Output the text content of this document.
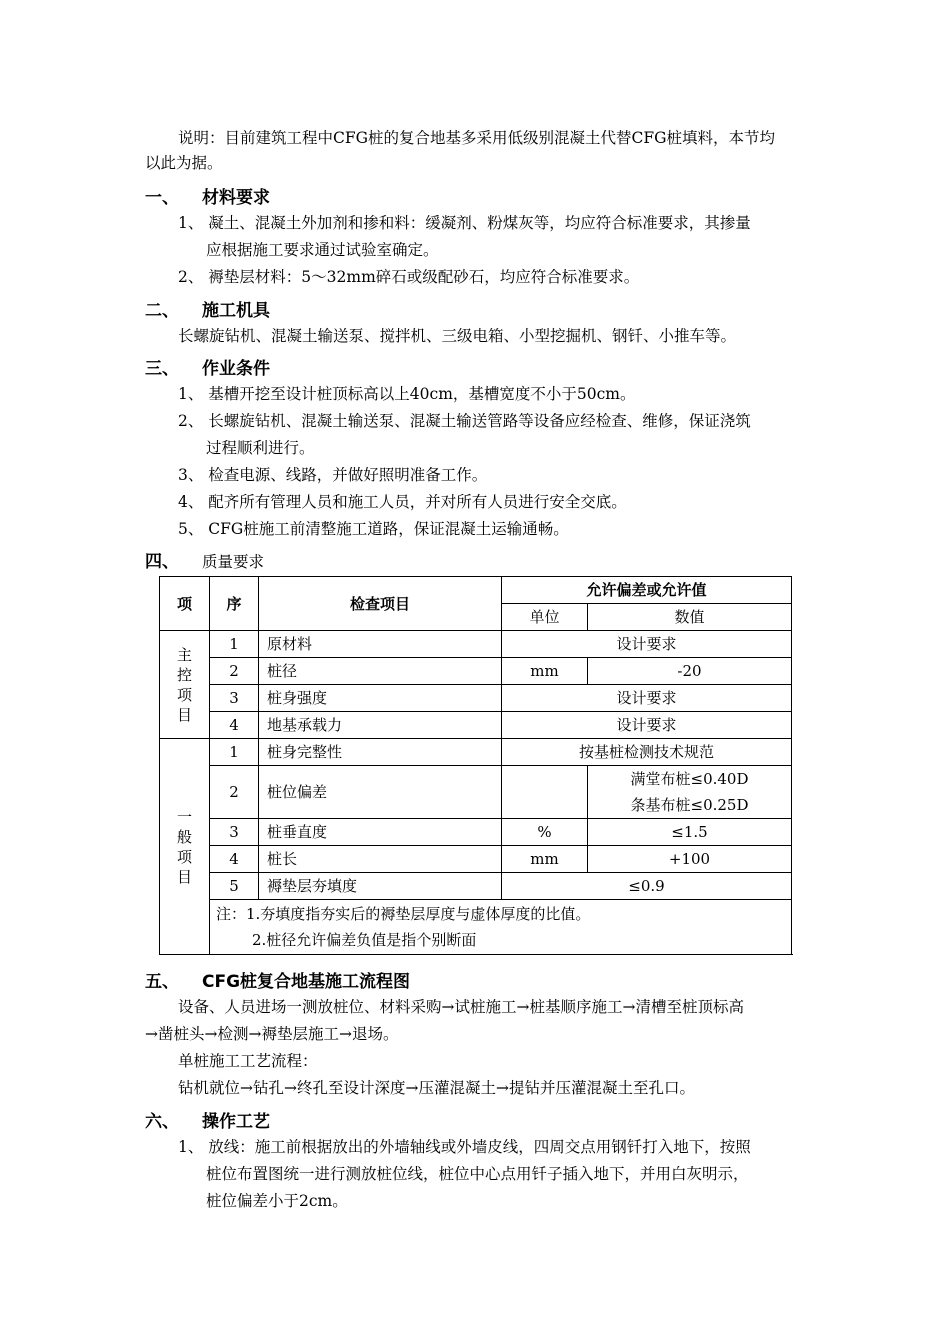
说明：目前建筑工程中CFG桩的复合地基多采用低级别混凝土代替CFG桩填料，本节均
以此为据。
一、 材料要求
1、 凝土、混凝土外加剂和掺和料：缓凝剂、粉煤灰等，均应符合标准要求，其掺量
应根据施工要求通过试验室确定。
2、 褥垫层材料：5～32mm碎石或级配砂石，均应符合标准要求。
二、 施工机具
长螺旋钻机、混凝土输送泵、搅拌机、三级电箱、小型挖掘机、钢钎、小推车等。
三、 作业条件
1、 基槽开挖至设计桩顶标高以上40cm，基槽宽度不小于50cm。
2、 长螺旋钻机、混凝土输送泵、混凝土输送管路等设备应经检查、维修，保证浇筑
过程顺利进行。
3、 检查电源、线路，并做好照明准备工作。
4、 配齐所有管理人员和施工人员，并对所有人员进行安全交底。
5、 CFG桩施工前清整施工道路，保证混凝土运输通畅。
四、 质量要求
项	序	检查项目	允许偏差或允许值	
			单位	数值

主
控
项
目	1	原材料	设计要求	
	2	桩径	mm	-20
	3	桩身强度	设计要求	
	4	地基承载力	设计要求	

一
般
项
目	1	桩身完整性	按基桩检测技术规范	
	2	桩位偏差		满堂布桩≤0.40D
条基布桩≤0.25D

	3	桩垂直度	%	≤1.5
	4	桩长	mm	+100
	5	褥垫层夯填度	≤0.9	

	注：1.夯填度指夯实后的褥垫层厚度与虚体厚度的比值。
2.桩径允许偏差负值是指个别断面			
五、 CFG桩复合地基施工流程图
设备、人员进场一测放桩位、材料采购→试桩施工→桩基顺序施工→清槽至桩顶标高
→凿桩头→检测→褥垫层施工→退场。
单桩施工工艺流程：
钻机就位→钻孔→终孔至设计深度→压灌混凝土→提钻并压灌混凝土至孔口。
六、 操作工艺
1、 放线：施工前根据放出的外墙轴线或外墙皮线，四周交点用钢钎打入地下，按照
桩位布置图统一进行测放桩位线，桩位中心点用钎子插入地下，并用白灰明示，
桩位偏差小于2cm。
